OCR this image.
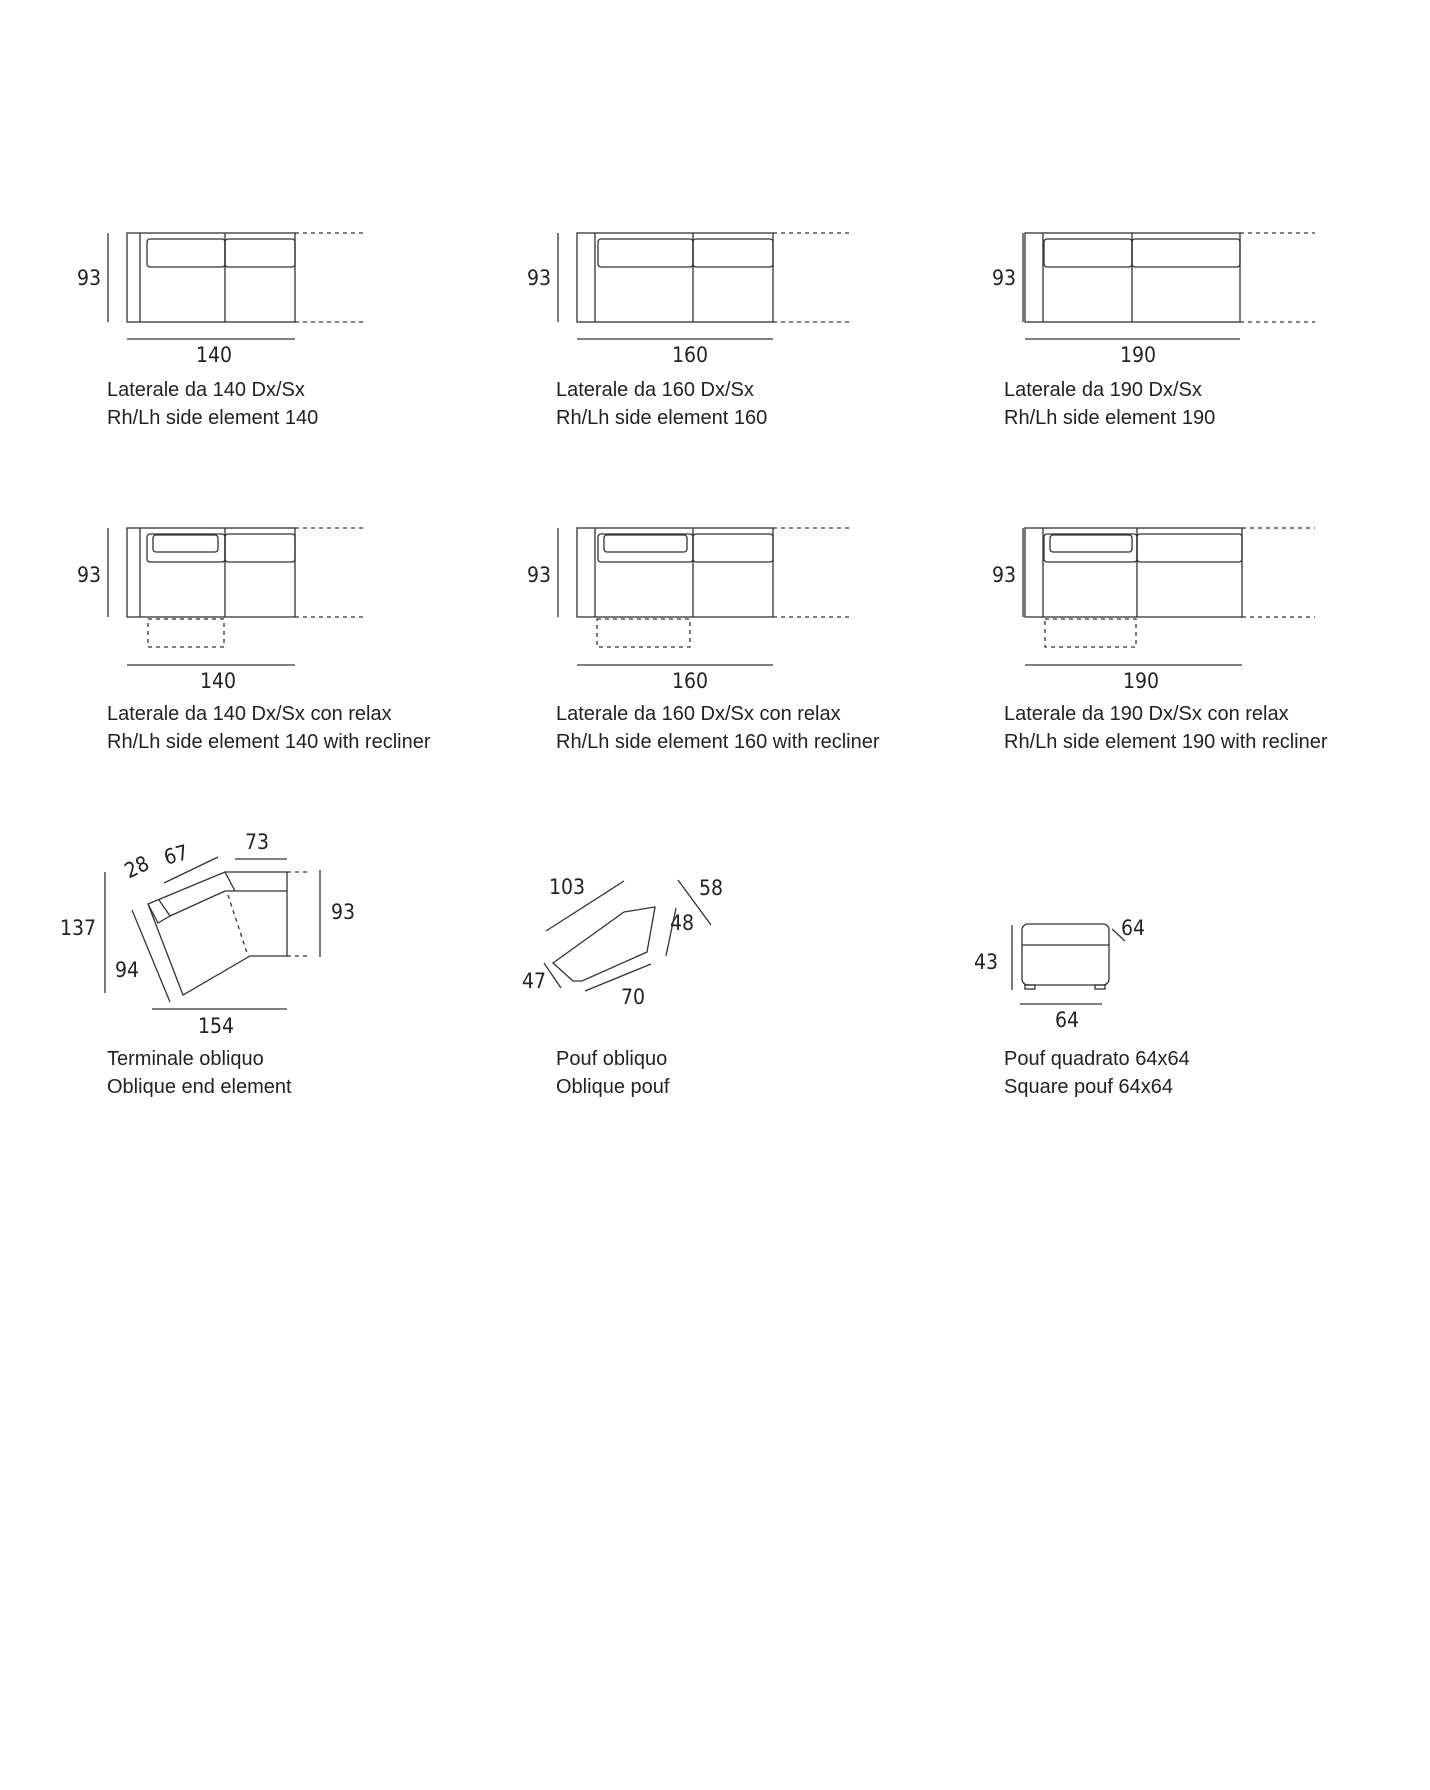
93
140
Laterale da 140 Dx/Sx
Rh/Lh side element 140
93
160
Laterale da 160 Dx/Sx
Rh/Lh side element 160
93
190
Laterale da 190 Dx/Sx
Rh/Lh side element 190
93
140
Laterale da 140 Dx/Sx con relax
Rh/Lh side element 140 with recliner
93
160
Laterale da 160 Dx/Sx con relax
Rh/Lh side element 160 with recliner
93
190
Laterale da 190 Dx/Sx con relax
Rh/Lh side element 190 with recliner
28 67	73
137
93
94
154
Terminale obliquo
Oblique end element
103	58
48
47
70
Pouf obliquo
Oblique pouf
43
64
64
Pouf quadrato 64x64
Square pouf 64x64
